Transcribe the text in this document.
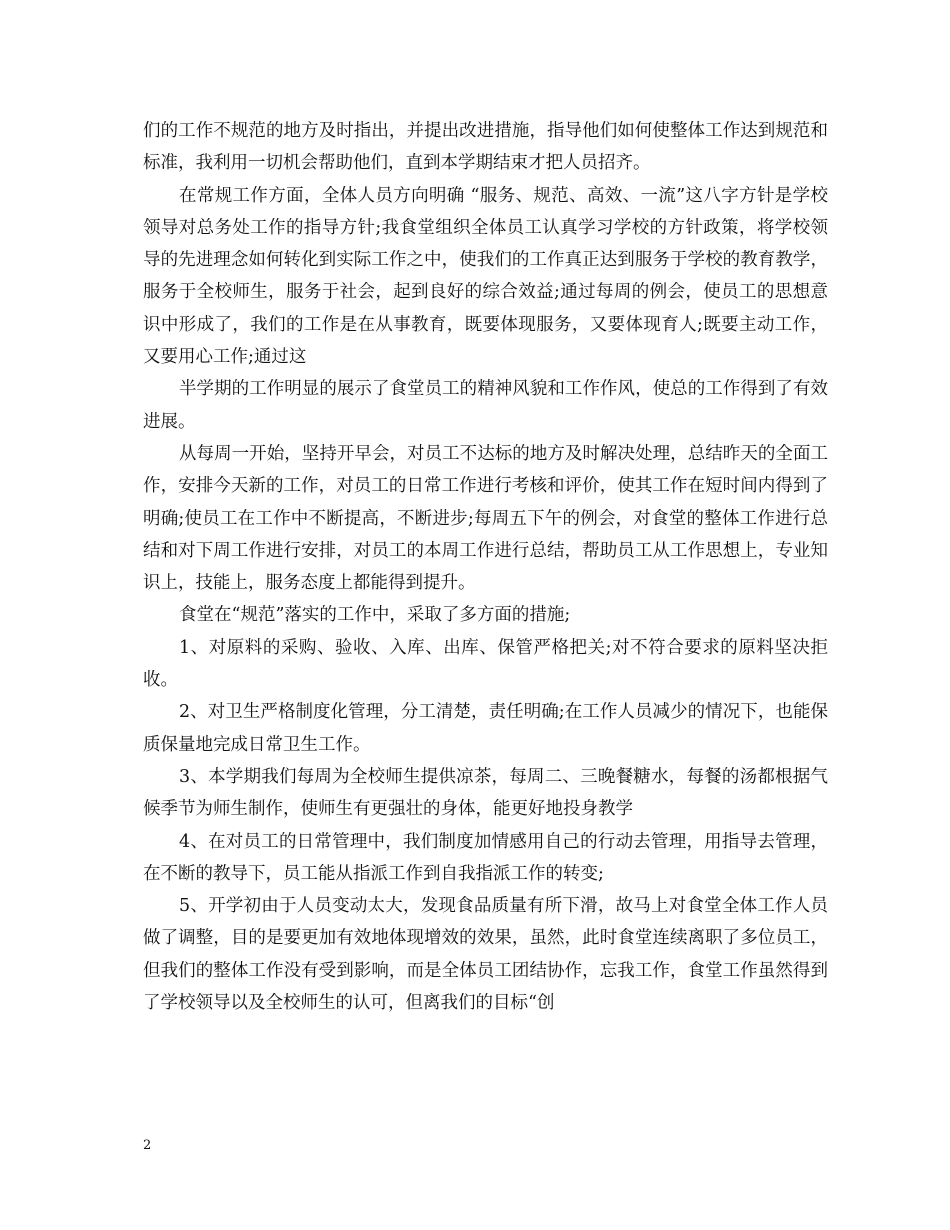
们的工作不规范的地方及时指出，并提出改进措施，指导他们如何使整体工作达到规范和标准，我利用一切机会帮助他们，直到本学期结束才把人员招齐。

在常规工作方面，全体人员方向明确 “服务、规范、高效、一流”这八字方针是学校领导对总务处工作的指导方针;我食堂组织全体员工认真学习学校的方针政策，将学校领导的先进理念如何转化到实际工作之中，使我们的工作真正达到服务于学校的教育教学，服务于全校师生，服务于社会，起到良好的综合效益;通过每周的例会，使员工的思想意识中形成了，我们的工作是在从事教育，既要体现服务，又要体现育人;既要主动工作，又要用心工作;通过这

半学期的工作明显的展示了食堂员工的精神风貌和工作作风，使总的工作得到了有效进展。

从每周一开始，坚持开早会，对员工不达标的地方及时解决处理，总结昨天的全面工作，安排今天新的工作，对员工的日常工作进行考核和评价，使其工作在短时间内得到了明确;使员工在工作中不断提高，不断进步;每周五下午的例会，对食堂的整体工作进行总结和对下周工作进行安排，对员工的本周工作进行总结，帮助员工从工作思想上，专业知识上，技能上，服务态度上都能得到提升。

食堂在“规范”落实的工作中，采取了多方面的措施;

1、对原料的采购、验收、入库、出库、保管严格把关;对不符合要求的原料坚决拒收。

2、对卫生严格制度化管理，分工清楚，责任明确;在工作人员减少的情况下，也能保质保量地完成日常卫生工作。

3、本学期我们每周为全校师生提供凉茶，每周二、三晚餐糖水，每餐的汤都根据气候季节为师生制作，使师生有更强壮的身体，能更好地投身教学

4、在对员工的日常管理中，我们制度加情感用自己的行动去管理，用指导去管理，在不断的教导下，员工能从指派工作到自我指派工作的转变;

5、开学初由于人员变动太大，发现食品质量有所下滑，故马上对食堂全体工作人员做了调整，目的是要更加有效地体现增效的效果，虽然，此时食堂连续离职了多位员工，但我们的整体工作没有受到影响，而是全体员工团结协作，忘我工作，食堂工作虽然得到了学校领导以及全校师生的认可，但离我们的目标“创

2
